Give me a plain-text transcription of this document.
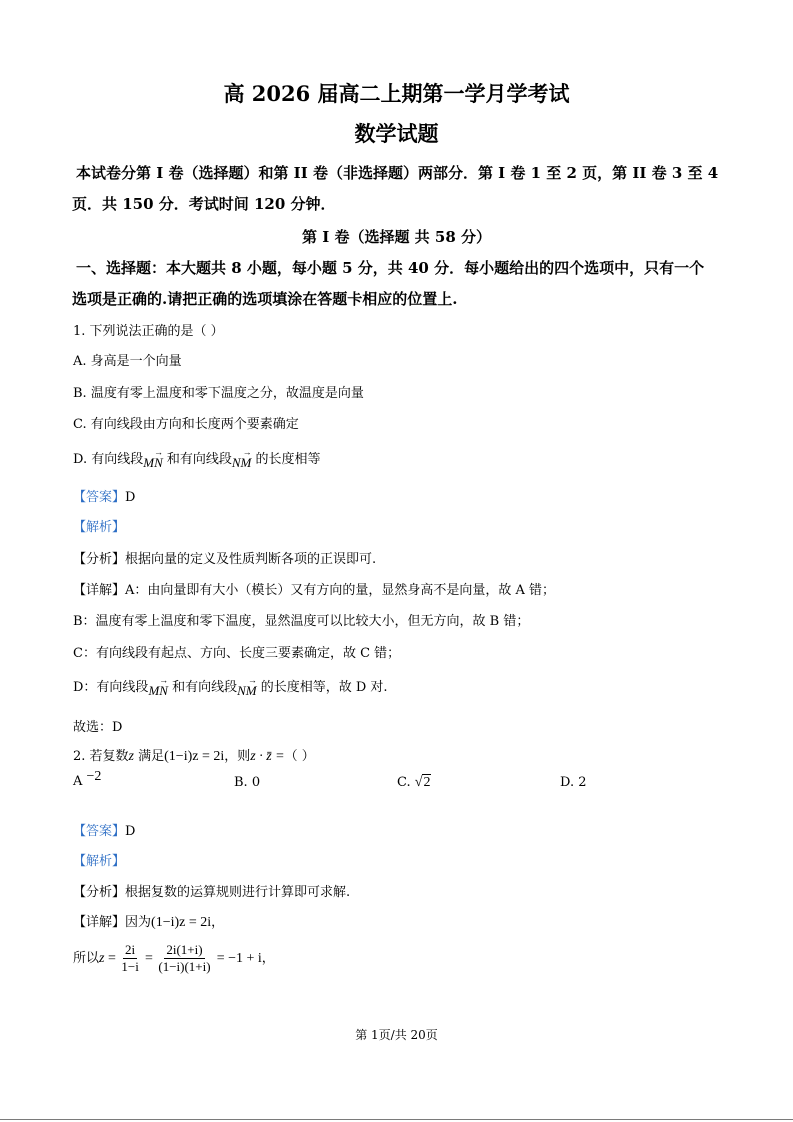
高 2026 届高二上期第一学月学考试
数学试题
本试卷分第 I 卷（选择题）和第 II 卷（非选择题）两部分．第 I 卷 1 至 2 页，第 II 卷 3 至 4
页．共 150 分．考试时间 120 分钟．
第 I 卷（选择题 共 58 分）
一、选择题：本大题共 8 小题，每小题 5 分，共 40 分．每小题给出的四个选项中，只有一个
选项是正确的.请把正确的选项填涂在答题卡相应的位置上.
1. 下列说法正确的是（ ）
A. 身高是一个向量
B. 温度有零上温度和零下温度之分，故温度是向量
C. 有向线段由方向和长度两个要素确定
D. 有向线段 →
MN 和有向线段 →
NM 的长度相等
【答案】D
【解析】
【分析】根据向量的定义及性质判断各项的正误即可.
【详解】A：由向量即有大小（模长）又有方向的量，显然身高不是向量，故 A 错；
B：温度有零上温度和零下温度，显然温度可以比较大小，但无方向，故 B 错；
C：有向线段有起点、方向、长度三要素确定，故 C 错；
D：有向线段 →
MN 和有向线段 →
NM 的长度相等，故 D 对.
故选：D
2. 若复数z 满足(1−i)z = 2i，则z · z̄ =（ ）
A −2	B. 0	C. √2	D. 2
【答案】D
【解析】
【分析】根据复数的运算规则进行计算即可求解.
【详解】因为(1−i)z = 2i，
所以$z = \frac{2i}{1-i} = \frac{2i(1+i)}{(1-i)(1+i)} = -1 + i$，
第 1页/共 20页
